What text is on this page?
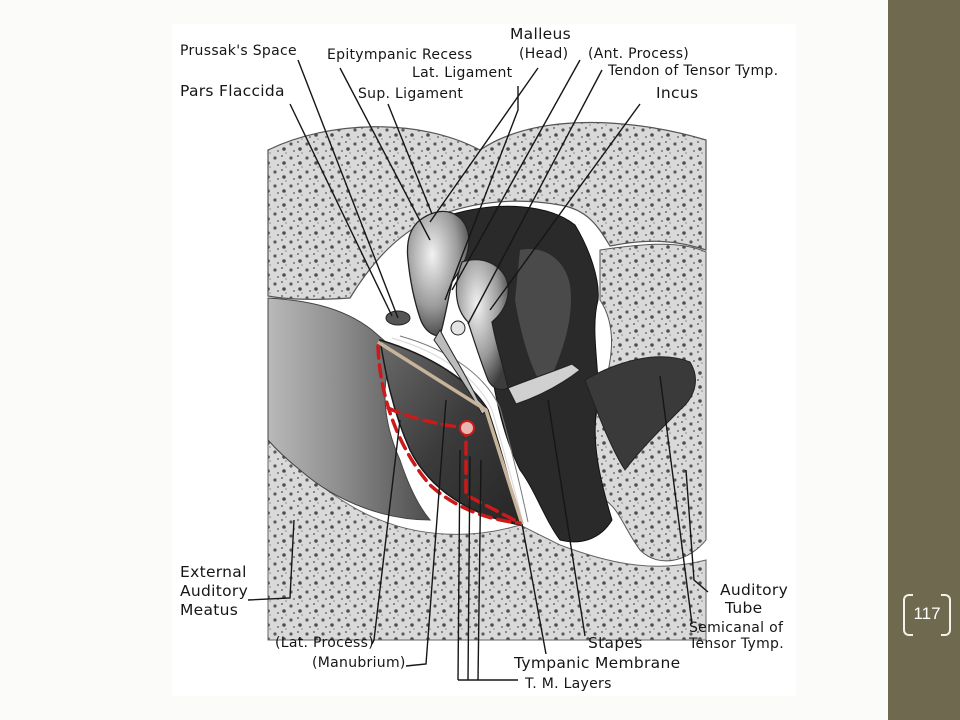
117
Prussak's Space Epitympanic Recess
Malleus
(Head)
Lat. Ligament
(Ant. Process)
Tendon of Tensor Tymp.
Pars Flaccida	Sup. Ligament	Incus
External
Auditory
Meatus
Auditory
Tube
Semicanal of
Tensor Tymp.
(Lat. Process)
(Manubrium)
Stapes
Tympanic Membrane
T. M. Layers
